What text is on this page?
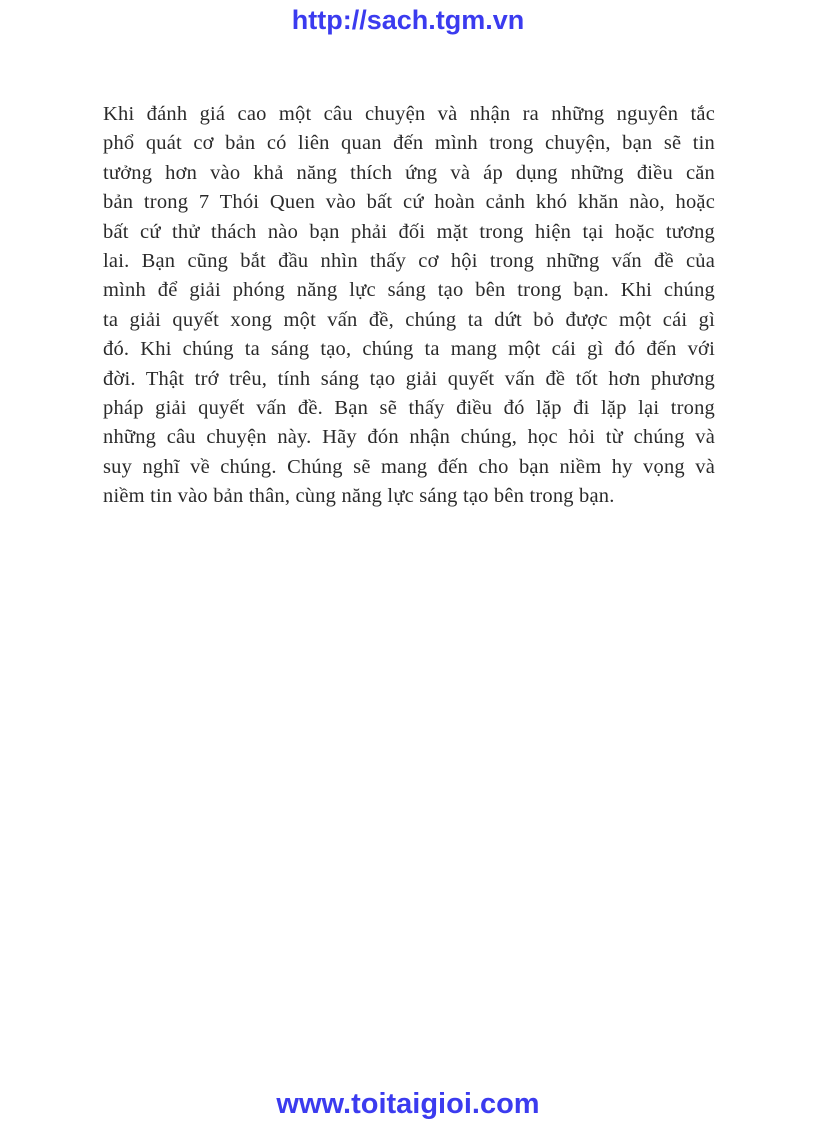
http://sach.tgm.vn
Khi đánh giá cao một câu chuyện và nhận ra những nguyên tắc
phổ quát cơ bản có liên quan đến mình trong chuyện, bạn sẽ tin
tưởng hơn vào khả năng thích ứng và áp dụng những điều căn
bản trong 7 Thói Quen vào bất cứ hoàn cảnh khó khăn nào, hoặc
bất cứ thử thách nào bạn phải đối mặt trong hiện tại hoặc tương
lai. Bạn cũng bắt đầu nhìn thấy cơ hội trong những vấn đề của
mình để giải phóng năng lực sáng tạo bên trong bạn. Khi chúng
ta giải quyết xong một vấn đề, chúng ta dứt bỏ được một cái gì
đó. Khi chúng ta sáng tạo, chúng ta mang một cái gì đó đến với
đời. Thật trớ trêu, tính sáng tạo giải quyết vấn đề tốt hơn phương
pháp giải quyết vấn đề. Bạn sẽ thấy điều đó lặp đi lặp lại trong
những câu chuyện này. Hãy đón nhận chúng, học hỏi từ chúng và
suy nghĩ về chúng. Chúng sẽ mang đến cho bạn niềm hy vọng và
niềm tin vào bản thân, cùng năng lực sáng tạo bên trong bạn.
www.toitaigioi.com
